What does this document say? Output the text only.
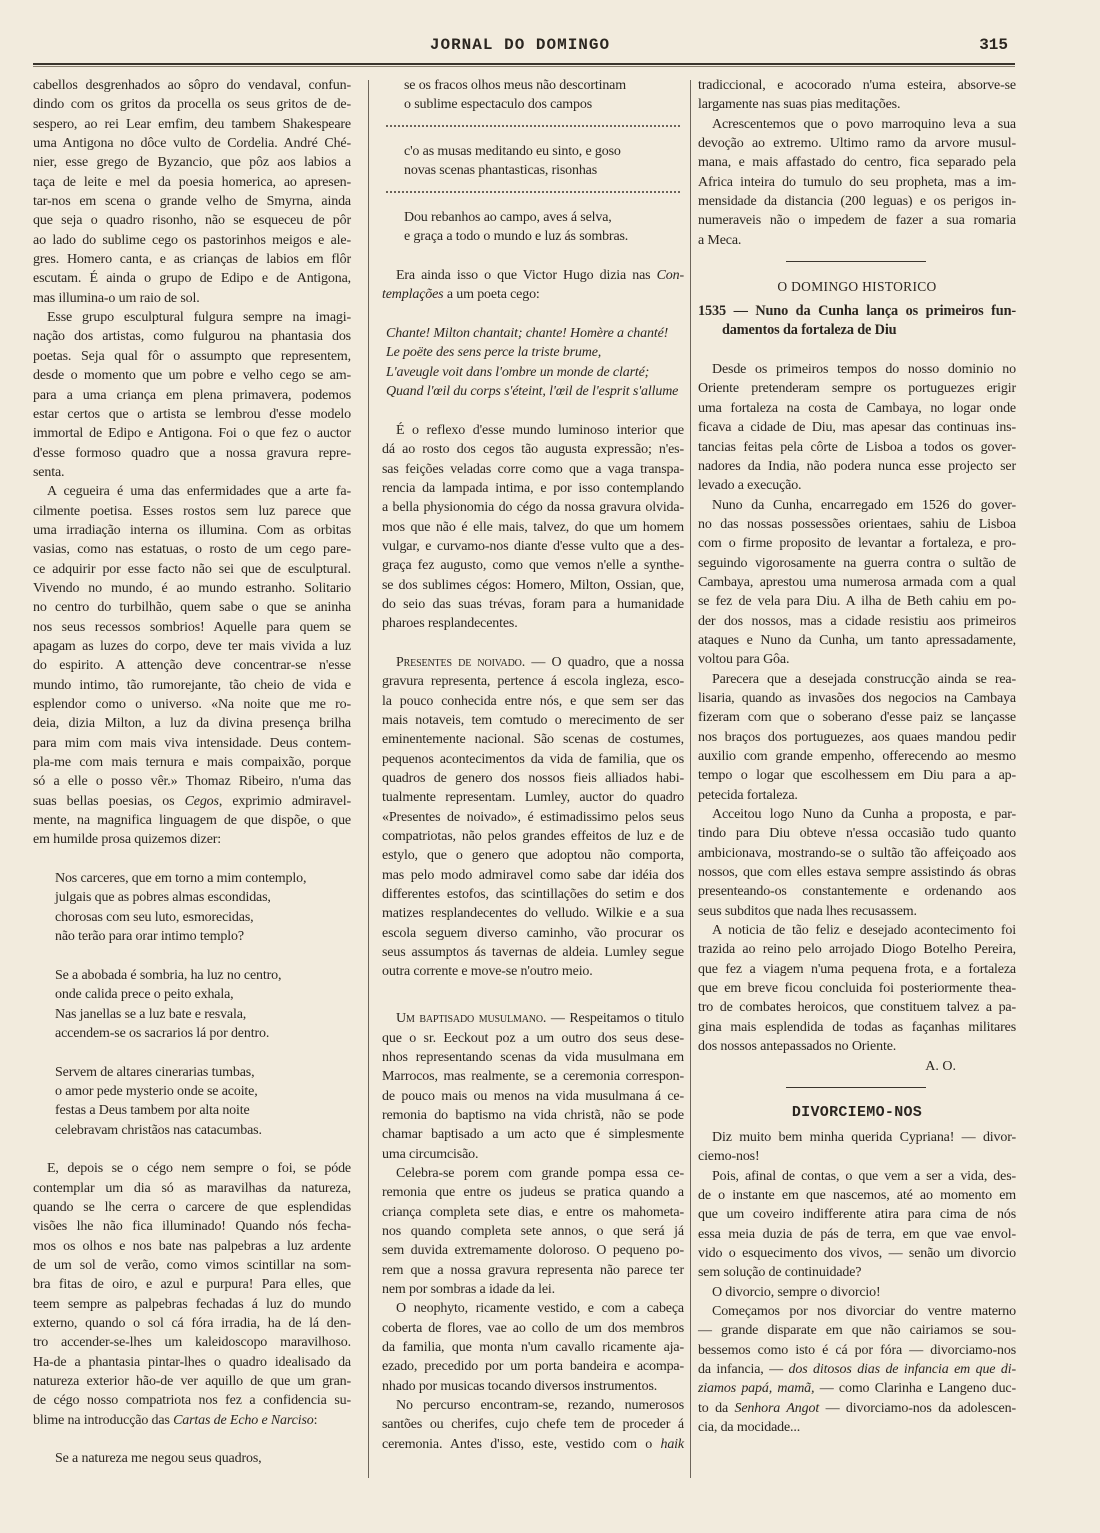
JORNAL DO DOMINGO	315
cabellos desgrenhados ao sôpro do vendaval, confun-
dindo com os gritos da procella os seus gritos de de-
sespero, ao rei Lear emfim, deu tambem Shakespeare
uma Antigona no dôce vulto de Cordelia. André Ché-
nier, esse grego de Byzancio, que pôz aos labios a
taça de leite e mel da poesia homerica, ao apresen-
tar-nos em scena o grande velho de Smyrna, ainda
que seja o quadro risonho, não se esqueceu de pôr
ao lado do sublime cego os pastorinhos meigos e ale-
gres. Homero canta, e as crianças de labios em flôr
escutam. É ainda o grupo de Edipo e de Antigona,
mas illumina-o um raio de sol.
Esse grupo esculptural fulgura sempre na imagi-
nação dos artistas, como fulgurou na phantasia dos
poetas. Seja qual fôr o assumpto que representem,
desde o momento que um pobre e velho cego se am-
para a uma criança em plena primavera, podemos
estar certos que o artista se lembrou d'esse modelo
immortal de Edipo e Antigona. Foi o que fez o auctor
d'esse formoso quadro que a nossa gravura repre-
senta.
A cegueira é uma das enfermidades que a arte fa-
cilmente poetisa. Esses rostos sem luz parece que
uma irradiação interna os illumina. Com as orbitas
vasias, como nas estatuas, o rosto de um cego pare-
ce adquirir por esse facto não sei que de esculptural.
Vivendo no mundo, é ao mundo estranho. Solitario
no centro do turbilhão, quem sabe o que se aninha
nos seus recessos sombrios! Aquelle para quem se
apagam as luzes do corpo, deve ter mais vivida a luz
do espirito. A attenção deve concentrar-se n'esse
mundo intimo, tão rumorejante, tão cheio de vida e
esplendor como o universo. «Na noite que me ro-
deia, dizia Milton, a luz da divina presença brilha
para mim com mais viva intensidade. Deus contem-
pla-me com mais ternura e mais compaixão, porque
só a elle o posso vêr.» Thomaz Ribeiro, n'uma das
suas bellas poesias, os Cegos, exprimio admiravel-
mente, na magnifica linguagem de que dispõe, o que
em humilde prosa quizemos dizer:
Nos carceres, que em torno a mim contemplo,
julgais que as pobres almas escondidas,
chorosas com seu luto, esmorecidas,
não terão para orar intimo templo?
Se a abobada é sombria, ha luz no centro,
onde calida prece o peito exhala,
Nas janellas se a luz bate e resvala,
accendem-se os sacrarios lá por dentro.
Servem de altares cinerarias tumbas,
o amor pede mysterio onde se acoite,
festas a Deus tambem por alta noite
celebravam christãos nas catacumbas.
E, depois se o cégo nem sempre o foi, se póde
contemplar um dia só as maravilhas da natureza,
quando se lhe cerra o carcere de que esplendidas
visões lhe não fica illuminado! Quando nós fecha-
mos os olhos e nos bate nas palpebras a luz ardente
de um sol de verão, como vimos scintillar na som-
bra fitas de oiro, e azul e purpura! Para elles, que
teem sempre as palpebras fechadas á luz do mundo
externo, quando o sol cá fóra irradia, ha de lá den-
tro accender-se-lhes um kaleidoscopo maravilhoso.
Ha-de a phantasia pintar-lhes o quadro idealisado da
natureza exterior hão-de ver aquillo de que um gran-
de cégo nosso compatriota nos fez a confidencia su-
blime na introducção das Cartas de Echo e Narciso:
Se a natureza me negou seus quadros,
se os fracos olhos meus não descortinam
o sublime espectaculo dos campos
c'o as musas meditando eu sinto, e goso
novas scenas phantasticas, risonhas
Dou rebanhos ao campo, aves á selva,
e graça a todo o mundo e luz ás sombras.
Era ainda isso o que Victor Hugo dizia nas Con-
templações a um poeta cego:
Chante! Milton chantait; chante! Homère a chanté!
Le poëte des sens perce la triste brume,
L'aveugle voit dans l'ombre un monde de clarté;
Quand l'œil du corps s'éteint, l'œil de l'esprit s'allume
É o reflexo d'esse mundo luminoso interior que
dá ao rosto dos cegos tão augusta expressão; n'es-
sas feições veladas corre como que a vaga transpa-
rencia da lampada intima, e por isso contemplando
a bella physionomia do cégo da nossa gravura olvida-
mos que não é elle mais, talvez, do que um homem
vulgar, e curvamo-nos diante d'esse vulto que a des-
graça fez augusto, como que vemos n'elle a synthe-
se dos sublimes cégos: Homero, Milton, Ossian, que,
do seio das suas trévas, foram para a humanidade
pharoes resplandecentes.
Presentes de noivado. — O quadro, que a nossa
gravura representa, pertence á escola ingleza, esco-
la pouco conhecida entre nós, e que sem ser das
mais notaveis, tem comtudo o merecimento de ser
eminentemente nacional. São scenas de costumes,
pequenos acontecimentos da vida de familia, que os
quadros de genero dos nossos fieis alliados habi-
tualmente representam. Lumley, auctor do quadro
«Presentes de noivado», é estimadissimo pelos seus
compatriotas, não pelos grandes effeitos de luz e de
estylo, que o genero que adoptou não comporta,
mas pelo modo admiravel como sabe dar idéia dos
differentes estofos, das scintillações do setim e dos
matizes resplandecentes do velludo. Wilkie e a sua
escola seguem diverso caminho, vão procurar os
seus assumptos ás tavernas de aldeia. Lumley segue
outra corrente e move-se n'outro meio.
Um baptisado musulmano. — Respeitamos o titulo
que o sr. Eeckout poz a um outro dos seus dese-
nhos representando scenas da vida musulmana em
Marrocos, mas realmente, se a ceremonia correspon-
de pouco mais ou menos na vida musulmana á ce-
remonia do baptismo na vida christã, não se pode
chamar baptisado a um acto que é simplesmente
uma circumcisão.
Celebra-se porem com grande pompa essa ce-
remonia que entre os judeus se pratica quando a
criança completa sete dias, e entre os mahometa-
nos quando completa sete annos, o que será já
sem duvida extremamente doloroso. O pequeno po-
rem que a nossa gravura representa não parece ter
nem por sombras a idade da lei.
O neophyto, ricamente vestido, e com a cabeça
coberta de flores, vae ao collo de um dos membros
da familia, que monta n'um cavallo ricamente aja-
ezado, precedido por um porta bandeira e acompa-
nhado por musicas tocando diversos instrumentos.
No percurso encontram-se, rezando, numerosos
santões ou cherifes, cujo chefe tem de proceder á
ceremonia. Antes d'isso, este, vestido com o haik
tradiccional, e acocorado n'uma esteira, absorve-se
largamente nas suas pias meditações.
Acrescentemos que o povo marroquino leva a sua
devoção ao extremo. Ultimo ramo da arvore musul-
mana, e mais affastado do centro, fica separado pela
Africa inteira do tumulo do seu propheta, mas a im-
mensidade da distancia (200 leguas) e os perigos in-
numeraveis não o impedem de fazer a sua romaria
a Meca.
O DOMINGO HISTORICO
1535 — Nuno da Cunha lança os primeiros fun-
damentos da fortaleza de Diu
Desde os primeiros tempos do nosso dominio no
Oriente pretenderam sempre os portuguezes erigir
uma fortaleza na costa de Cambaya, no logar onde
ficava a cidade de Diu, mas apesar das continuas ins-
tancias feitas pela côrte de Lisboa a todos os gover-
nadores da India, não podera nunca esse projecto ser
levado a execução.
Nuno da Cunha, encarregado em 1526 do gover-
no das nossas possessões orientaes, sahiu de Lisboa
com o firme proposito de levantar a fortaleza, e pro-
seguindo vigorosamente na guerra contra o sultão de
Cambaya, aprestou uma numerosa armada com a qual
se fez de vela para Diu. A ilha de Beth cahiu em po-
der dos nossos, mas a cidade resistiu aos primeiros
ataques e Nuno da Cunha, um tanto apressadamente,
voltou para Gôa.
Parecera que a desejada construcção ainda se rea-
lisaria, quando as invasões dos negocios na Cambaya
fizeram com que o soberano d'esse paiz se lançasse
nos braços dos portuguezes, aos quaes mandou pedir
auxilio com grande empenho, offerecendo ao mesmo
tempo o logar que escolhessem em Diu para a ap-
petecida fortaleza.
Acceitou logo Nuno da Cunha a proposta, e par-
tindo para Diu obteve n'essa occasião tudo quanto
ambicionava, mostrando-se o sultão tão affeiçoado aos
nossos, que com elles estava sempre assistindo ás obras
presenteando-os constantemente e ordenando aos
seus subditos que nada lhes recusassem.
A noticia de tão feliz e desejado acontecimento foi
trazida ao reino pelo arrojado Diogo Botelho Pereira,
que fez a viagem n'uma pequena frota, e a fortaleza
que em breve ficou concluida foi posteriormente thea-
tro de combates heroicos, que constituem talvez a pa-
gina mais esplendida de todas as façanhas militares
dos nossos antepassados no Oriente.
A. O.
DIVORCIEMO-NOS
Diz muito bem minha querida Cypriana! — divor-
ciemo-nos!
Pois, afinal de contas, o que vem a ser a vida, des-
de o instante em que nascemos, até ao momento em
que um coveiro indifferente atira para cima de nós
essa meia duzia de pás de terra, em que vae envol-
vido o esquecimento dos vivos, — senão um divorcio
sem solução de continuidade?
O divorcio, sempre o divorcio!
Começamos por nos divorciar do ventre materno
— grande disparate em que não cairiamos se sou-
bessemos como isto é cá por fóra — divorciamo-nos
da infancia, — dos ditosos dias de infancia em que di-
ziamos papá, mamã, — como Clarinha e Langeno duc-
to da Senhora Angot — divorciamo-nos da adolescen-
cia, da mocidade...
